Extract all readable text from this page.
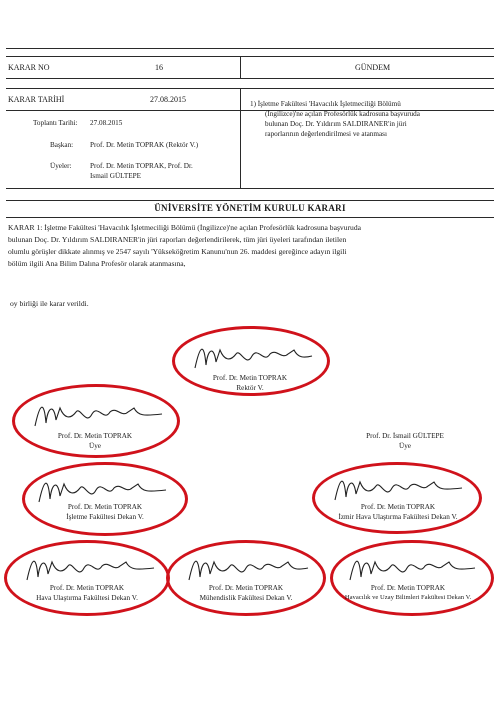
KARAR NO	16	GÜNDEM
KARAR TARİHİ	27.08.2015
Toplantı Tarihi: 27.08.2015
Başkan: Prof. Dr. Metin TOPRAK (Rektör V.)
Üyeler:	Prof. Dr. Metin TOPRAK, Prof. Dr.
Ismail GÜLTEPE
1) İşletme Fakültesi 'Havacılık İşletmeciliği Bölümü
(İngilizce)'ne açılan Profesörlük kadrosuna başvuruda
bulunan Doç. Dr. Yıldırım SALDIRANER'in jüri
raporlarının değerlendirilmesi ve atanması
ÜNİVERSİTE YÖNETİM KURULU KARARI
KARAR 1: İşletme Fakültesi 'Havacılık İşletmeciliği Bölümü (İngilizce)'ne açılan Profesörlük kadrosuna başvuruda
bulunan Doç. Dr. Yıldırım SALDIRANER'in jüri raporları değerlendirilerek, tüm jüri üyeleri tarafından iletilen
olumlu görüşler dikkate alınmış ve 2547 sayılı 'Yükseköğretim Kanunu'nun 26. maddesi gereğince adayın ilgili
bölüm ilgili Ana Bilim Dalına Profesör olarak atanmasına,
oy birliği ile karar verildi.
Prof. Dr. Metin TOPRAK
Rektör V.
Prof. Dr. Metin TOPRAK
Üye
Prof. Dr. İsmail GÜLTEPE
Üye
Prof. Dr. Metin TOPRAK
İşletme Fakültesi Dekan V.
Prof. Dr. Metin TOPRAK
İzmir Hava Ulaştırma Fakültesi Dekan V.
Prof. Dr. Metin TOPRAK
Hava Ulaştırma Fakültesi Dekan V.
Prof. Dr. Metin TOPRAK
Mühendislik Fakültesi Dekan V.
Prof. Dr. Metin TOPRAK
Havacılık ve Uzay Bilimleri Fakültesi Dekan V.
